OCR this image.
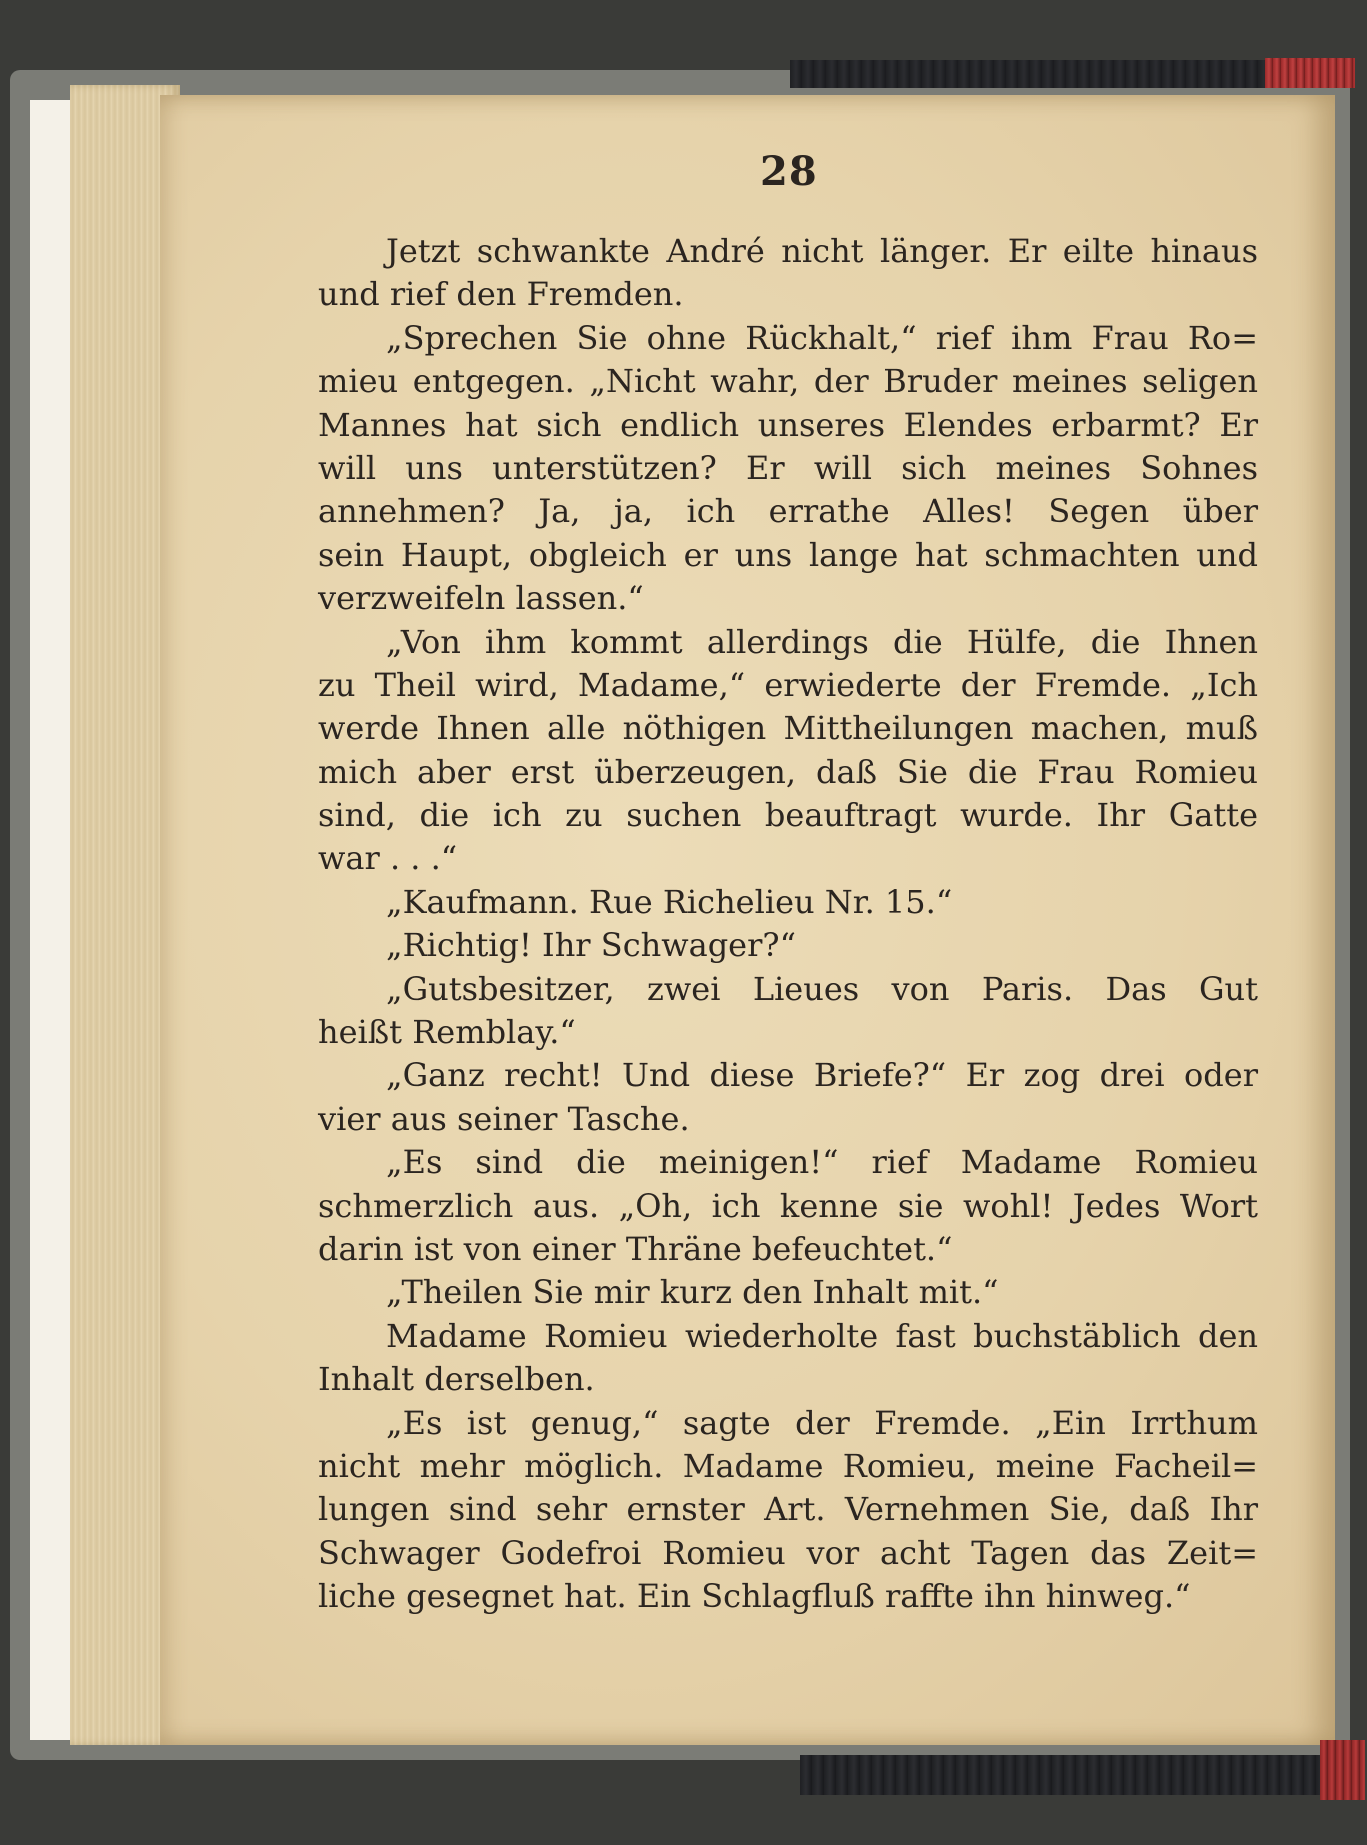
28
Jetzt schwankte André nicht länger. Er eilte hinaus
und rief den Fremden.
„Sprechen Sie ohne Rückhalt,“ rief ihm Frau Ro=
mieu entgegen. „Nicht wahr, der Bruder meines seligen
Mannes hat sich endlich unseres Elendes erbarmt? Er
will uns unterstützen? Er will sich meines Sohnes
annehmen? Ja, ja, ich errathe Alles! Segen über
sein Haupt, obgleich er uns lange hat schmachten und
verzweifeln lassen.“
„Von ihm kommt allerdings die Hülfe, die Ihnen
zu Theil wird, Madame,“ erwiederte der Fremde. „Ich
werde Ihnen alle nöthigen Mittheilungen machen, muß
mich aber erst überzeugen, daß Sie die Frau Romieu
sind, die ich zu suchen beauftragt wurde. Ihr Gatte
war . . .“
„Kaufmann. Rue Richelieu Nr. 15.“
„Richtig! Ihr Schwager?“
„Gutsbesitzer, zwei Lieues von Paris. Das Gut
heißt Remblay.“
„Ganz recht! Und diese Briefe?“ Er zog drei oder
vier aus seiner Tasche.
„Es sind die meinigen!“ rief Madame Romieu
schmerzlich aus. „Oh, ich kenne sie wohl! Jedes Wort
darin ist von einer Thräne befeuchtet.“
„Theilen Sie mir kurz den Inhalt mit.“
Madame Romieu wiederholte fast buchstäblich den
Inhalt derselben.
„Es ist genug,“ sagte der Fremde. „Ein Irrthum
nicht mehr möglich. Madame Romieu, meine Facheil=
lungen sind sehr ernster Art. Vernehmen Sie, daß Ihr
Schwager Godefroi Romieu vor acht Tagen das Zeit=
liche gesegnet hat. Ein Schlagfluß raffte ihn hinweg.“
